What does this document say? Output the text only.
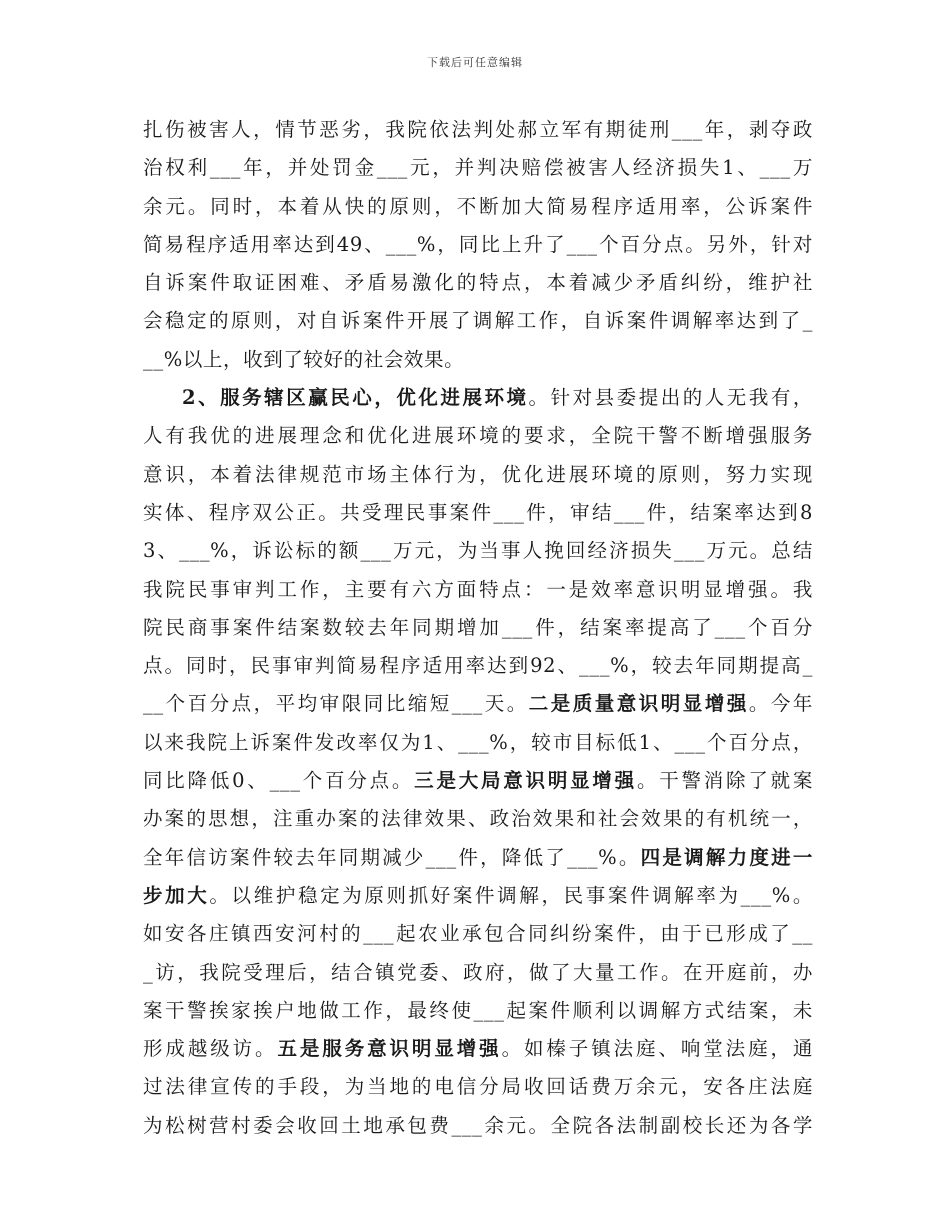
下载后可任意编辑
扎伤被害人，情节恶劣，我院依法判处郝立军有期徒刑___年，剥夺政
治权利___年，并处罚金___元，并判决赔偿被害人经济损失1、___万
余元。同时，本着从快的原则，不断加大简易程序适用率，公诉案件
简易程序适用率达到49、___%，同比上升了___个百分点。另外，针对
自诉案件取证困难、矛盾易激化的特点，本着减少矛盾纠纷，维护社
会稳定的原则，对自诉案件开展了调解工作，自诉案件调解率达到了_
__%以上，收到了较好的社会效果。
2、服务辖区赢民心，优化进展环境。针对县委提出的人无我有，
人有我优的进展理念和优化进展环境的要求，全院干警不断增强服务
意识，本着法律规范市场主体行为，优化进展环境的原则，努力实现
实体、程序双公正。共受理民事案件___件，审结___件，结案率达到8
3、___%，诉讼标的额___万元，为当事人挽回经济损失___万元。总结
我院民事审判工作，主要有六方面特点：一是效率意识明显增强。我
院民商事案件结案数较去年同期增加___件，结案率提高了___个百分
点。同时，民事审判简易程序适用率达到92、___%，较去年同期提高_
__个百分点，平均审限同比缩短___天。二是质量意识明显增强。今年
以来我院上诉案件发改率仅为1、___%，较市目标低1、___个百分点，
同比降低0、___个百分点。三是大局意识明显增强。干警消除了就案
办案的思想，注重办案的法律效果、政治效果和社会效果的有机统一，
全年信访案件较去年同期减少___件，降低了___%。四是调解力度进一
步加大。以维护稳定为原则抓好案件调解，民事案件调解率为___%。
如安各庄镇西安河村的___起农业承包合同纠纷案件，由于已形成了__
_访，我院受理后，结合镇党委、政府，做了大量工作。在开庭前，办
案干警挨家挨户地做工作，最终使___起案件顺利以调解方式结案，未
形成越级访。五是服务意识明显增强。如榛子镇法庭、响堂法庭，通
过法律宣传的手段，为当地的电信分局收回话费万余元，安各庄法庭
为松树营村委会收回土地承包费___余元。全院各法制副校长还为各学
